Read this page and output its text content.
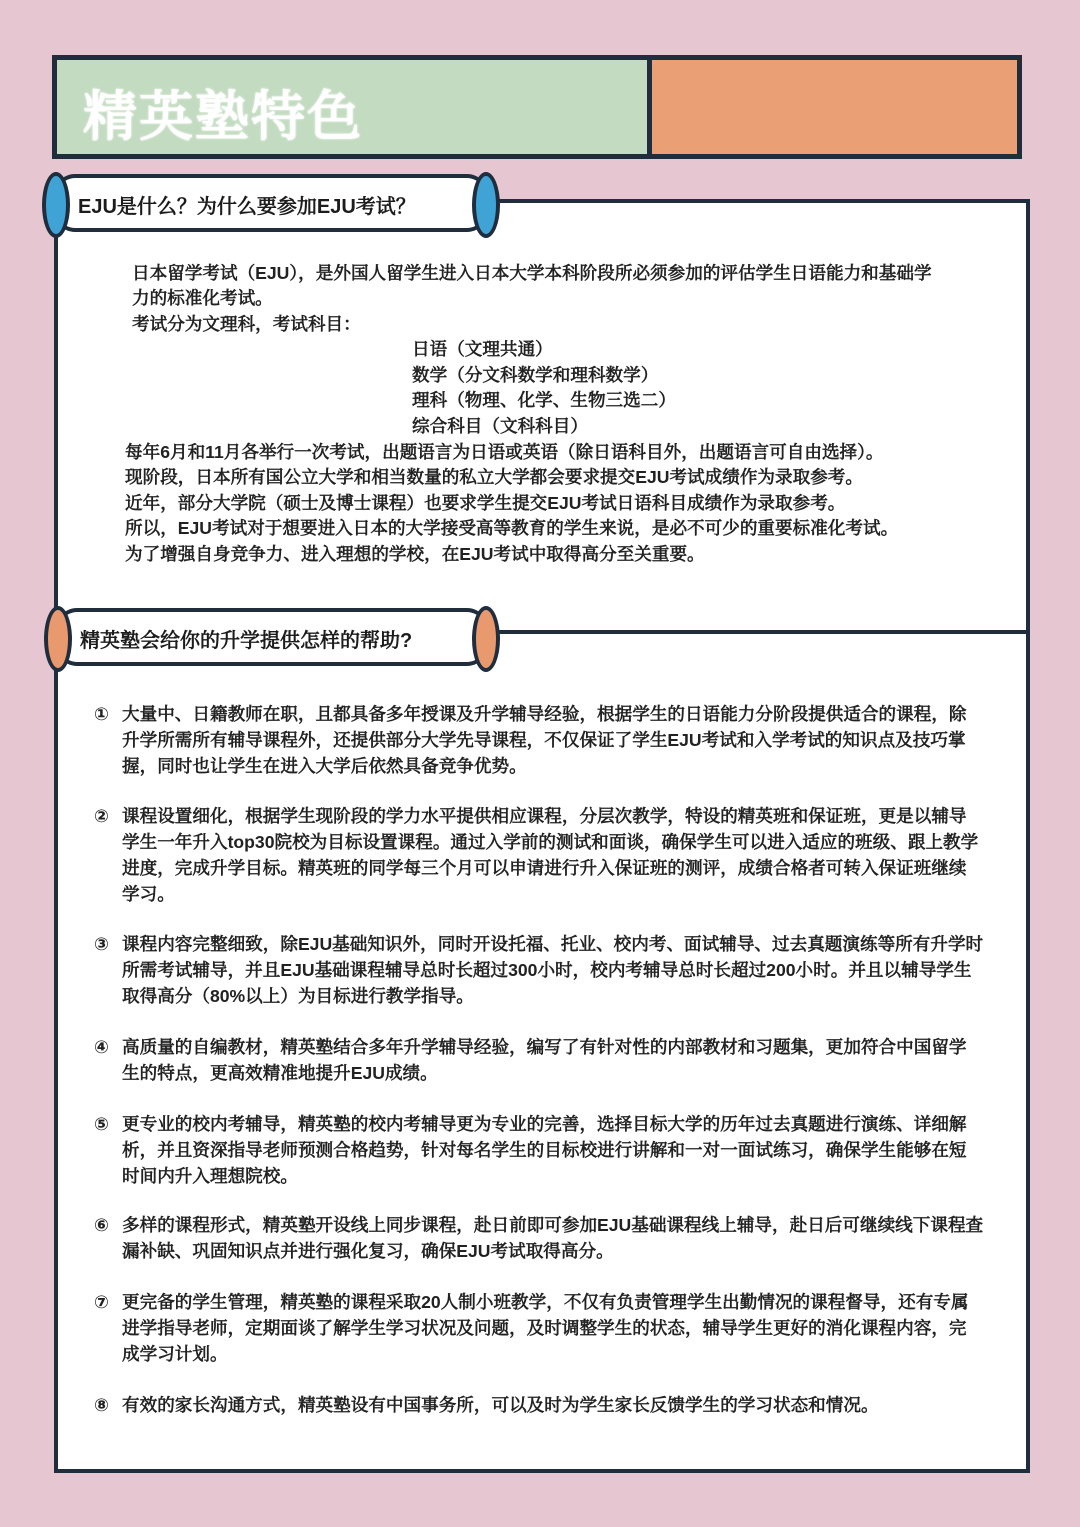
精英塾特色
EJU是什么？为什么要参加EJU考试？
日本留学考试（EJU），是外国人留学生进入日本大学本科阶段所必须参加的评估学生日语能力和基础学
力的标准化考试。
考试分为文理科，考试科目：
日语（文理共通）
数学（分文科数学和理科数学）
理科（物理、化学、生物三选二）
综合科目（文科科目）
每年6月和11月各举行一次考试，出题语言为日语或英语（除日语科目外，出题语言可自由选择）。
现阶段，日本所有国公立大学和相当数量的私立大学都会要求提交EJU考试成绩作为录取参考。
近年，部分大学院（硕士及博士课程）也要求学生提交EJU考试日语科目成绩作为录取参考。
所以，EJU考试对于想要进入日本的大学接受高等教育的学生来说，是必不可少的重要标准化考试。
为了增强自身竞争力、进入理想的学校，在EJU考试中取得高分至关重要。
精英塾会给你的升学提供怎样的帮助?
① 大量中、日籍教师在职，且都具备多年授课及升学辅导经验，根据学生的日语能力分阶段提供适合的课程，除升学所需所有辅导课程外，还提供部分大学先导课程，不仅保证了学生EJU考试和入学考试的知识点及技巧掌握，同时也让学生在进入大学后依然具备竞争优势。
② 课程设置细化，根据学生现阶段的学力水平提供相应课程，分层次教学，特设的精英班和保证班，更是以辅导学生一年升入top30院校为目标设置课程。通过入学前的测试和面谈，确保学生可以进入适应的班级、跟上教学进度，完成升学目标。精英班的同学每三个月可以申请进行升入保证班的测评，成绩合格者可转入保证班继续学习。
③ 课程内容完整细致，除EJU基础知识外，同时开设托福、托业、校内考、面试辅导、过去真题演练等所有升学时所需考试辅导，并且EJU基础课程辅导总时长超过300小时，校内考辅导总时长超过200小时。并且以辅导学生取得高分（80%以上）为目标进行教学指导。
④ 高质量的自编教材，精英塾结合多年升学辅导经验，编写了有针对性的内部教材和习题集，更加符合中国留学生的特点，更高效精准地提升EJU成绩。
⑤ 更专业的校内考辅导，精英塾的校内考辅导更为专业的完善，选择目标大学的历年过去真题进行演练、详细解析，并且资深指导老师预测合格趋势，针对每名学生的目标校进行讲解和一对一面试练习，确保学生能够在短时间内升入理想院校。
⑥ 多样的课程形式，精英塾开设线上同步课程，赴日前即可参加EJU基础课程线上辅导，赴日后可继续线下课程查漏补缺、巩固知识点并进行强化复习，确保EJU考试取得高分。
⑦ 更完备的学生管理，精英塾的课程采取20人制小班教学，不仅有负责管理学生出勤情况的课程督导，还有专属进学指导老师，定期面谈了解学生学习状况及问题，及时调整学生的状态，辅导学生更好的消化课程内容，完成学习计划。
⑧ 有效的家长沟通方式，精英塾设有中国事务所，可以及时为学生家长反馈学生的学习状态和情况。
